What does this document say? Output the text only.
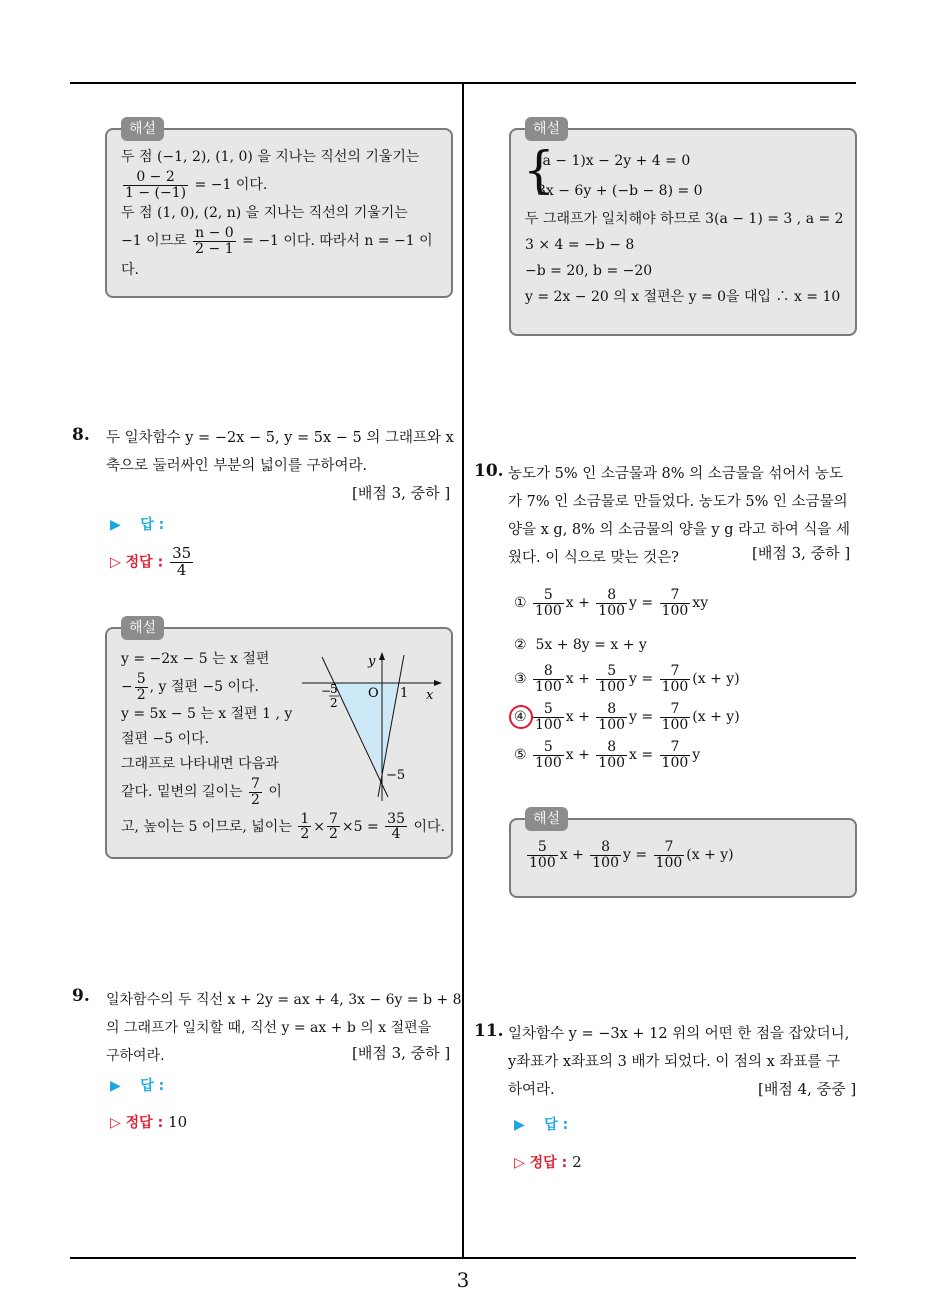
해설
두 점 (−1, 2), (1, 0) 을 지나는 직선의 기울기는
$\frac{0 - 2}{1 - (-1)} = -1$ 이다.
두 점 (1, 0), (2, n) 을 지나는 직선의 기울기는
−1 이므로 $\frac{n - 0}{2 - 1} = -1$ 이다. 따라서 n = −1 이
다.
8. 두 일차함수 y = −2x − 5, y = 5x − 5 의 그래프와 x
축으로 둘러싸인 부분의 넓이를 구하여라.
[배점 3, 중하 ]
▶ 답 :
▷ 정답 : $\frac{35}{4}$
해설
y = −2x − 5 는 x 절편
− $\frac{5}{2}$ , y 절편 −5 이다.
y = 5x − 5 는 x 절편 1 , y
절편 −5 이다.
그래프로 나타내면 다음과
같다. 밑변의 길이는 $\frac{7}{2}$ 이
고, 높이는 5 이므로, 넓이는 $\frac{1}{2} \times \frac{7}{2} \times 5 = \frac{35}{4}$ 이다.
y
x
O 1
−
5
2
−5
9. 일차함수의 두 직선 x + 2y = ax + 4, 3x − 6y = b + 8
의 그래프가 일치할 때, 직선 y = ax + b 의 x 절편을
구하여라.	[배점 3, 중하 ]
▶ 답 :
▷ 정답 : 10
해설
{
(a − 1)x − 2y + 4 = 0
3x − 6y + (−b − 8) = 0
두 그래프가 일치해야 하므로 3(a − 1) = 3 , a = 2
3 × 4 = −b − 8
−b = 20, b = −20
y = 2x − 20 의 x 절편은 y = 0을 대입 ∴ x = 10
10. 농도가 5% 인 소금물과 8% 의 소금물을 섞어서 농도
가 7% 인 소금물로 만들었다. 농도가 5% 인 소금물의
양을 x g, 8% 의 소금물의 양을 y g 라고 하여 식을 세
웠다. 이 식으로 맞는 것은?	[배점 3, 중하 ]
① $\frac{5}{100}$ $x + \frac{8}{100}$ $y = \frac{7}{100}$ xy
② 5x + 8y = x + y
③ $\frac{8}{100}$ $x + \frac{5}{100}$ $y = \frac{7}{100} (x + y)$
④
$\frac{5}{100}$ $x + \frac{8}{100}$ $y = \frac{7}{100} (x + y)$
⑤ $\frac{5}{100}$ $x + \frac{8}{100}$ $x = \frac{7}{100}$ y
해설
$\frac{5}{100}$ $x + \frac{8}{100}$ $y = \frac{7}{100} (x + y)$
11. 일차함수 y = −3x + 12 위의 어떤 한 점을 잡았더니,
y좌표가 x좌표의 3 배가 되었다. 이 점의 x 좌표를 구
하여라.	[배점 4, 중중 ]
▶ 답 :
▷ 정답 : 2
3
